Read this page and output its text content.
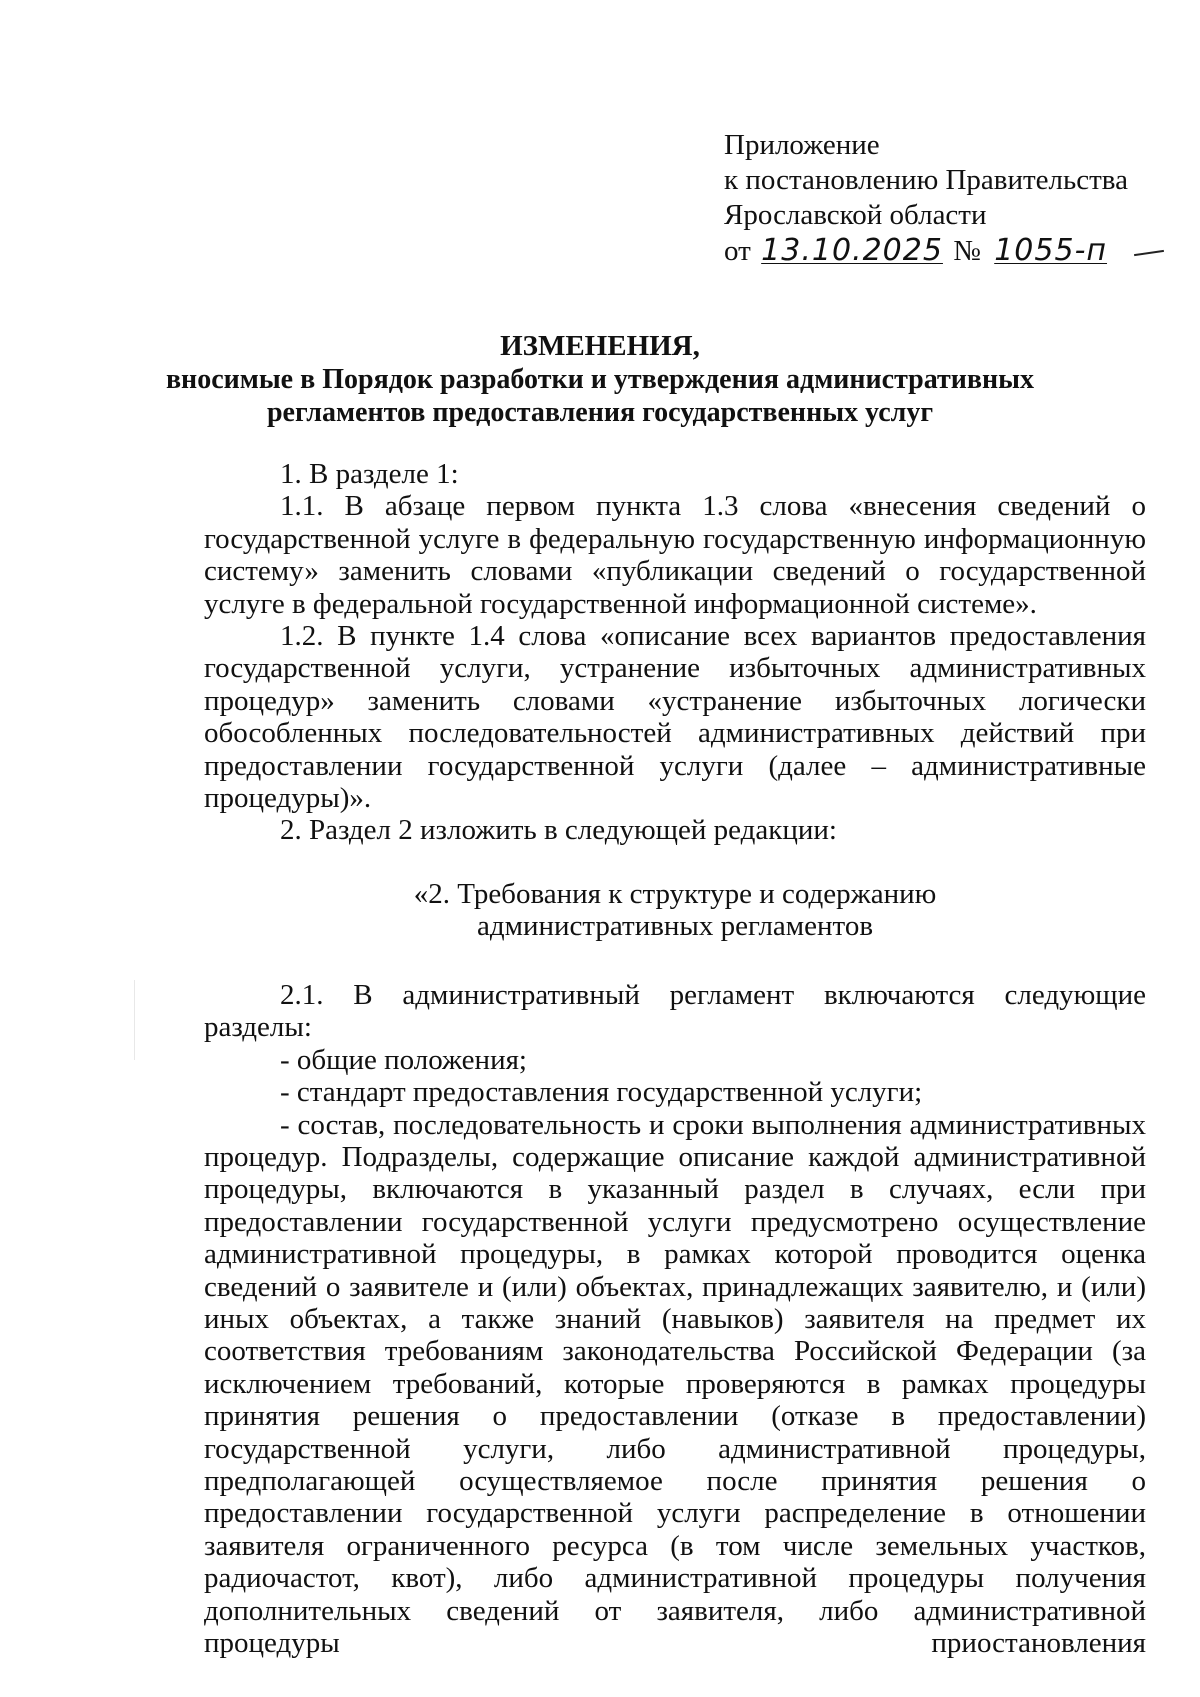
Приложение
к постановлению Правительства
Ярославской области
от 13.10.2025 № 1055-п
ИЗМЕНЕНИЯ,
вносимые в Порядок разработки и утверждения административных
регламентов предоставления государственных услуг

1. В разделе 1:

1.1. В абзаце первом пункта 1.3 слова «внесения сведений о государственной услуге в федеральную государственную информационную систему» заменить словами «публикации сведений о государственной услуге в федеральной государственной информационной системе».

1.2. В пункте 1.4 слова «описание всех вариантов предоставления государственной услуги, устранение избыточных административных процедур» заменить словами «устранение избыточных логически обособленных последовательностей административных действий при предоставлении государственной услуги (далее – административные процедуры)».

2. Раздел 2 изложить в следующей редакции:

«2. Требования к структуре и содержанию
административных регламентов

2.1. В административный регламент включаются следующие разделы:

- общие положения;

- стандарт предоставления государственной услуги;

- состав, последовательность и сроки выполнения административных процедур. Подразделы, содержащие описание каждой административной процедуры, включаются в указанный раздел в случаях, если при предоставлении государственной услуги предусмотрено осуществление административной процедуры, в рамках которой проводится оценка сведений о заявителе и (или) объектах, принадлежащих заявителю, и (или) иных объектах, а также знаний (навыков) заявителя на предмет их соответствия требованиям законодательства Российской Федерации (за исключением требований, которые проверяются в рамках процедуры принятия решения о предоставлении (отказе в предоставлении) государственной услуги, либо административной процедуры, предполагающей осуществляемое после принятия решения о предоставлении государственной услуги распределение в отношении заявителя ограниченного ресурса (в том числе земельных участков, радиочастот, квот), либо административной процедуры получения дополнительных сведений от заявителя, либо административной процедуры приостановления
